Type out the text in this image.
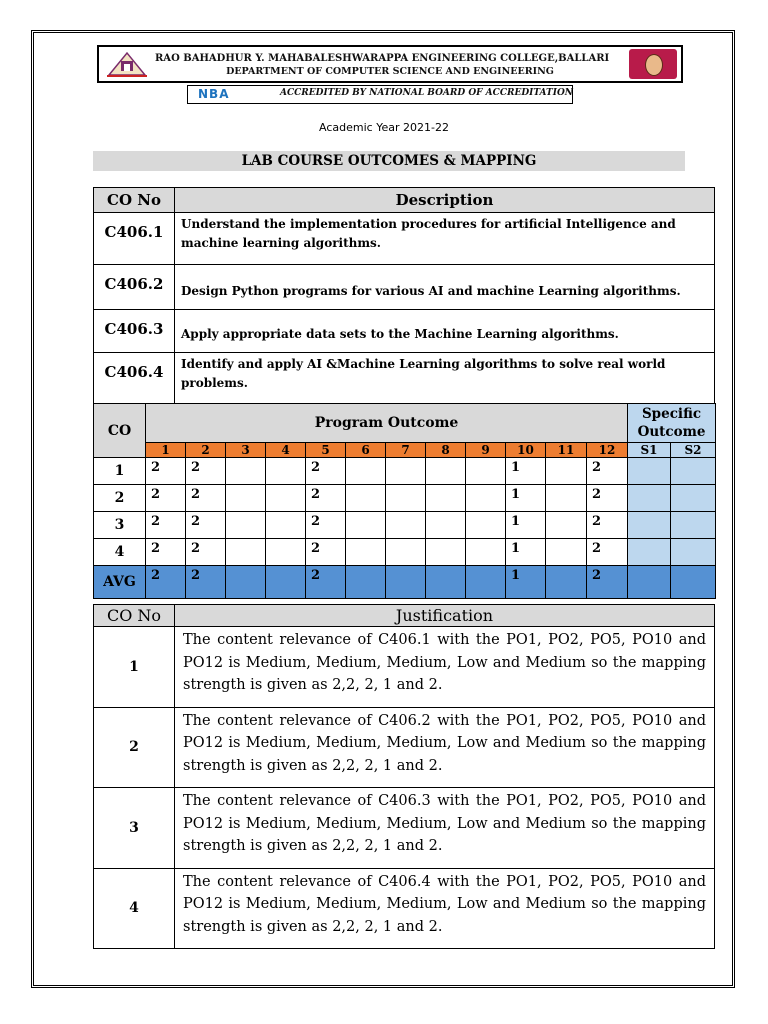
RAO BAHADHUR Y. MAHABALESHWARAPPA ENGINEERING COLLEGE,BALLARI
DEPARTMENT OF COMPUTER SCIENCE AND ENGINEERING
NBA	ACCREDITED BY NATIONAL BOARD OF ACCREDITATION
Academic Year 2021-22
LAB COURSE OUTCOMES & MAPPING
CO No	Description
C406.1	Understand the implementation procedures for artificial Intelligence and machine learning algorithms.
C406.2	Design Python programs for various AI and machine Learning algorithms.
C406.3	Apply appropriate data sets to the Machine Learning algorithms.
C406.4	Identify and apply AI &Machine Learning algorithms to solve real world problems.
CO	Program Outcome												Specific Outcome	
	1	2	3	4	5	6	7	8	9	10	11	12	S1	S2
1	2	2			2					1		2		
2	2	2			2					1		2		
3	2	2			2					1		2		
4	2	2			2					1		2		
AVG	2	2			2					1		2		
CO No	Justification
1	The content relevance of C406.1 with the PO1, PO2, PO5, PO10 and PO12 is Medium, Medium, Medium, Low and Medium so the mapping strength is given as 2,2, 2, 1 and 2.
2	The content relevance of C406.2 with the PO1, PO2, PO5, PO10 and PO12 is Medium, Medium, Medium, Low and Medium so the mapping strength is given as 2,2, 2, 1 and 2.
3	The content relevance of C406.3 with the PO1, PO2, PO5, PO10 and PO12 is Medium, Medium, Medium, Low and Medium so the mapping strength is given as 2,2, 2, 1 and 2.
4	The content relevance of C406.4 with the PO1, PO2, PO5, PO10 and PO12 is Medium, Medium, Medium, Low and Medium so the mapping strength is given as 2,2, 2, 1 and 2.
